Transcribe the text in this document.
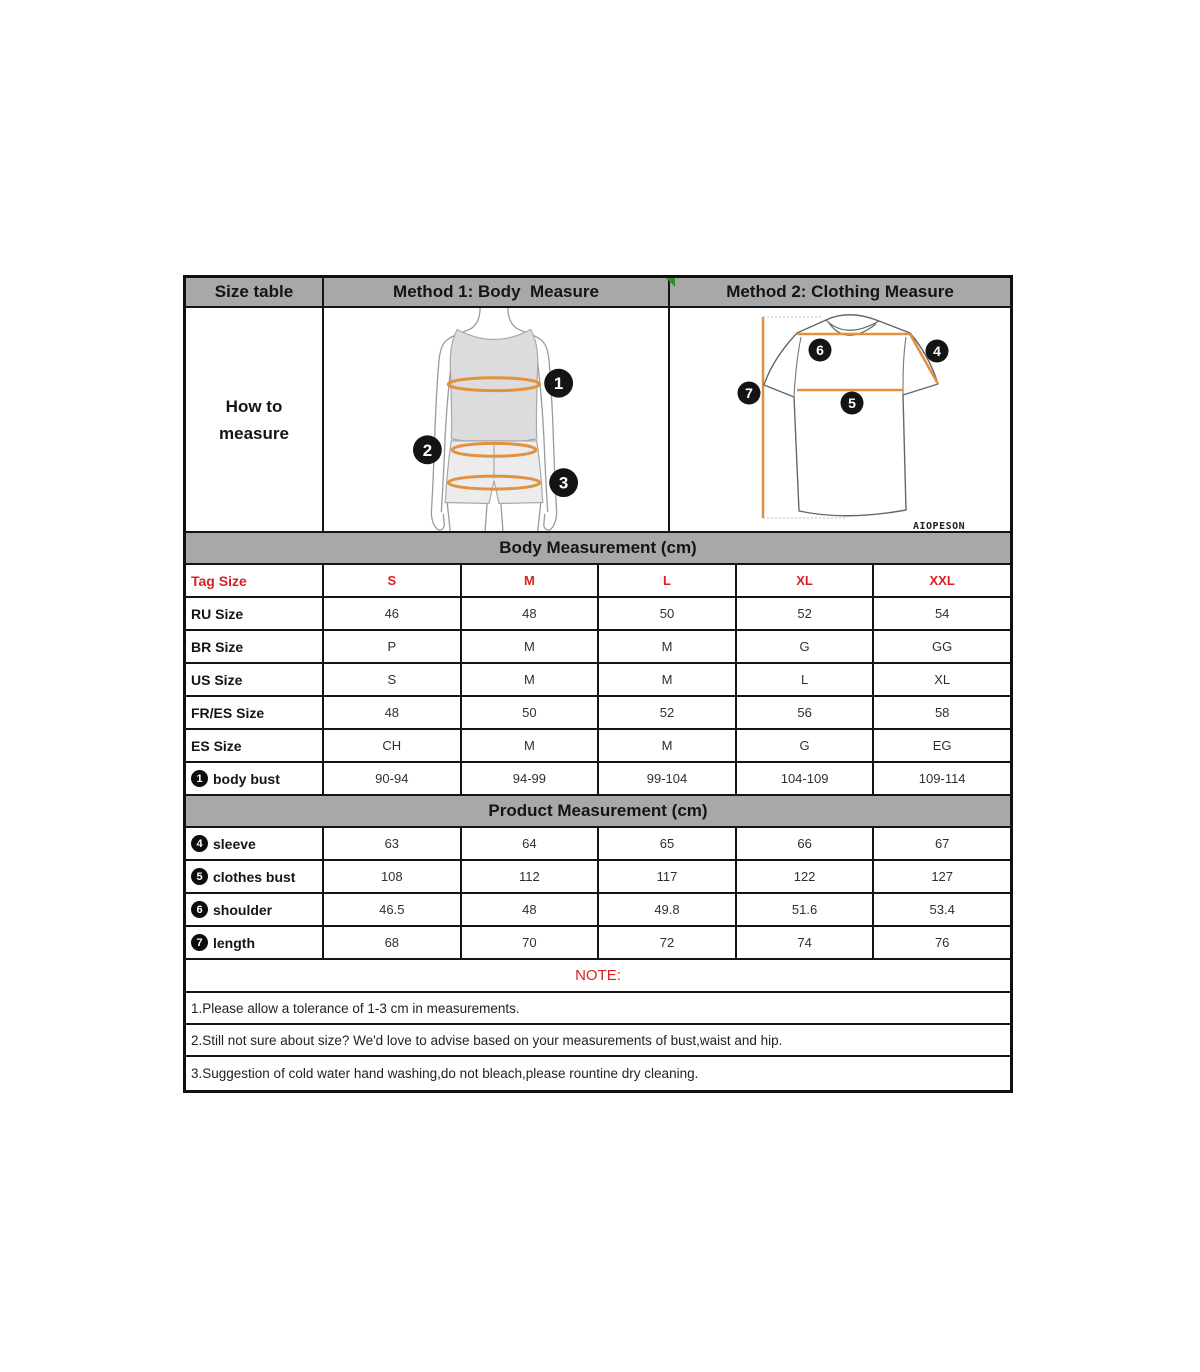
Size table	Method 1: Body  Measure	Method 2: Clothing Measure
How to
measure
1
2
3
6	4
7
5
AIOPESON
Body Measurement (cm)
Tag Size	S	M	L	XL	XXL
RU Size	46	48	50	52	54
BR Size	P	M	M	G	GG
US Size	S	M	M	L	XL
FR/ES Size	48	50	52	56	58
ES Size	CH	M	M	G	EG
1 body bust	90-94	94-99	99-104	104-109	109-114
Product Measurement (cm)
4 sleeve	63	64	65	66	67
5 clothes bust	108	112	117	122	127
6 shoulder	46.5	48	49.8	51.6	53.4
7 length	68	70	72	74	76
NOTE:
1.Please allow a tolerance of 1-3 cm in measurements.
2.Still not sure about size? We'd love to advise based on your measurements of bust,waist and hip.
3.Suggestion of cold water hand washing,do not bleach,please rountine dry cleaning.
